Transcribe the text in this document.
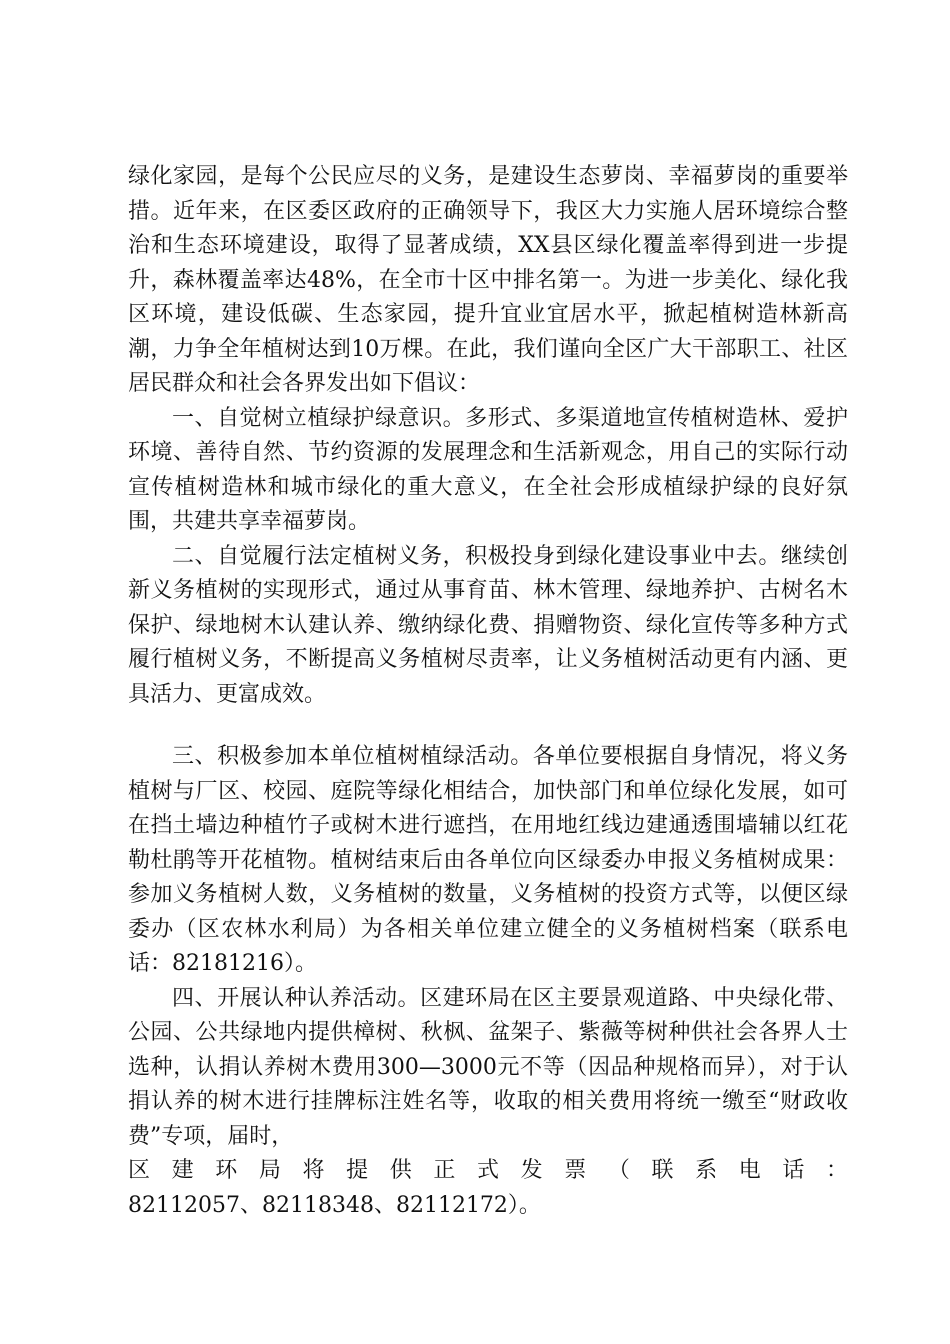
绿化家园，是每个公民应尽的义务，是建设生态萝岗、幸福萝岗的重要举措。近年来，在区委区政府的正确领导下，我区大力实施人居环境综合整治和生态环境建设，取得了显著成绩，XX县区绿化覆盖率得到进一步提升，森林覆盖率达48%，在全市十区中排名第一。为进一步美化、绿化我区环境，建设低碳、生态家园，提升宜业宜居水平，掀起植树造林新高潮，力争全年植树达到10万棵。在此，我们谨向全区广大干部职工、社区居民群众和社会各界发出如下倡议：

一、自觉树立植绿护绿意识。多形式、多渠道地宣传植树造林、爱护环境、善待自然、节约资源的发展理念和生活新观念，用自己的实际行动宣传植树造林和城市绿化的重大意义，在全社会形成植绿护绿的良好氛围，共建共享幸福萝岗。

二、自觉履行法定植树义务，积极投身到绿化建设事业中去。继续创新义务植树的实现形式，通过从事育苗、林木管理、绿地养护、古树名木保护、绿地树木认建认养、缴纳绿化费、捐赠物资、绿化宣传等多种方式履行植树义务，不断提高义务植树尽责率，让义务植树活动更有内涵、更具活力、更富成效。

三、积极参加本单位植树植绿活动。各单位要根据自身情况，将义务植树与厂区、校园、庭院等绿化相结合，加快部门和单位绿化发展，如可在挡土墙边种植竹子或树木进行遮挡，在用地红线边建通透围墙辅以红花勒杜鹃等开花植物。植树结束后由各单位向区绿委办申报义务植树成果：参加义务植树人数，义务植树的数量，义务植树的投资方式等，以便区绿委办（区农林水利局）为各相关单位建立健全的义务植树档案（联系电话：82181216）。

四、开展认种认养活动。区建环局在区主要景观道路、中央绿化带、公园、公共绿地内提供樟树、秋枫、盆架子、紫薇等树种供社会各界人士选种，认捐认养树木费用300—3000元不等（因品种规格而异），对于认捐认养的树木进行挂牌标注姓名等，收取的相关费用将统一缴至“财政收费”专项，届时，

区建环局将提供正式发票（联系电话：

82112057、82118348、82112172）。
